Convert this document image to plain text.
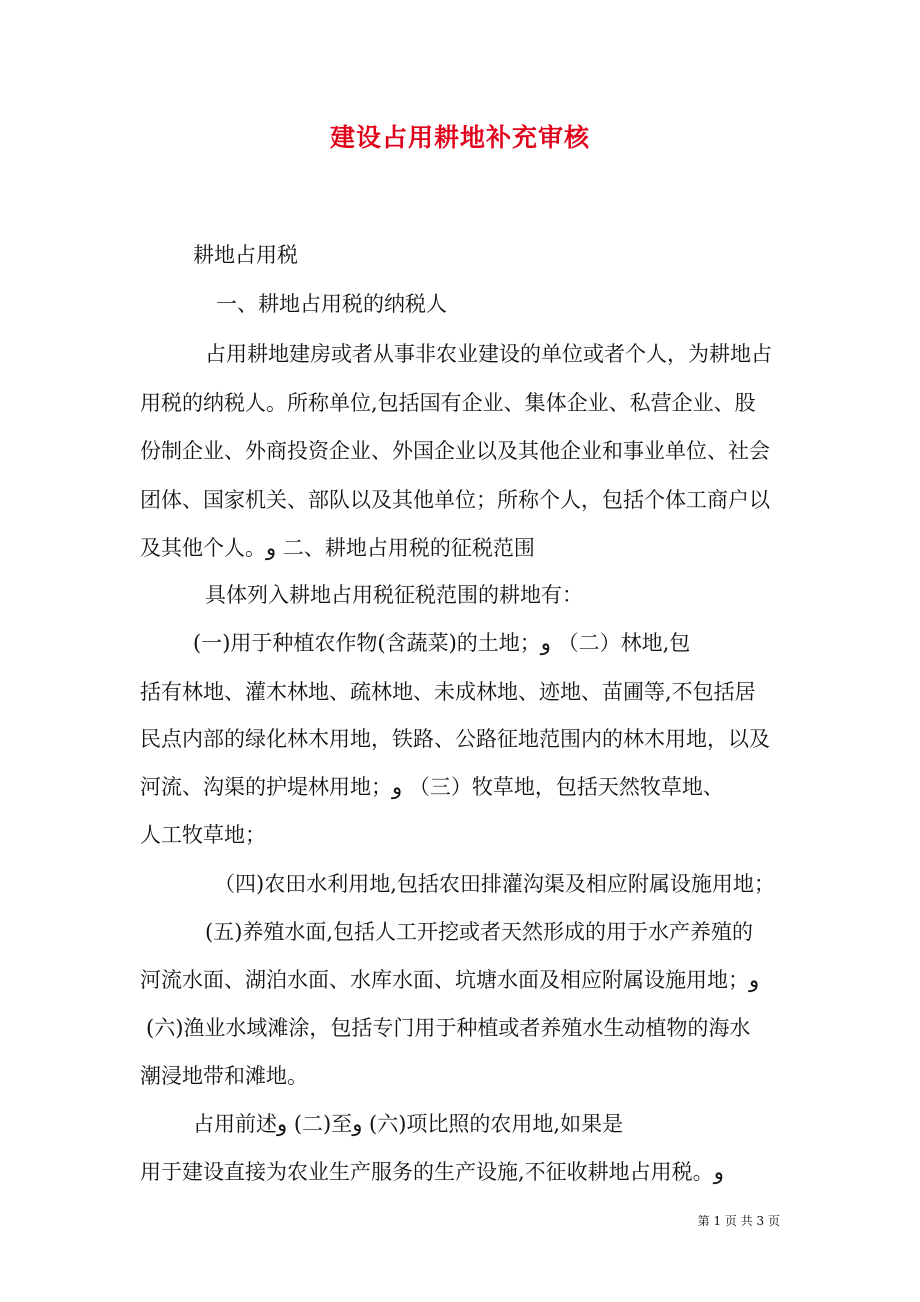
建设占用耕地补充审核
耕地占用税
一、耕地占用税的纳税人
占用耕地建房或者从事非农业建设的单位或者个人，为耕地占
用税的纳税人。所称单位,包括国有企业、集体企业、私营企业、股
份制企业、外商投资企业、外国企业以及其他企业和事业单位、社会
团体、国家机关、部队以及其他单位；所称个人，包括个体工商户以
及其他个人。و 二、耕地占用税的征税范围
具体列入耕地占用税征税范围的耕地有：
(一)用于种植农作物(含蔬菜)的土地；و （二）林地,包
括有林地、灌木林地、疏林地、未成林地、迹地、苗圃等,不包括居
民点内部的绿化林木用地，铁路、公路征地范围内的林木用地，以及
河流、沟渠的护堤林用地；و （三）牧草地，包括天然牧草地、
人工牧草地；
（四)农田水利用地,包括农田排灌沟渠及相应附属设施用地；
(五)养殖水面,包括人工开挖或者天然形成的用于水产养殖的
河流水面、湖泊水面、水库水面、坑塘水面及相应附属设施用地；و
(六)渔业水域滩涂，包括专门用于种植或者养殖水生动植物的海水
潮浸地带和滩地。
占用前述و (二)至و (六)项比照的农用地,如果是
用于建设直接为农业生产服务的生产设施,不征收耕地占用税。و
第 1 页 共 3 页
